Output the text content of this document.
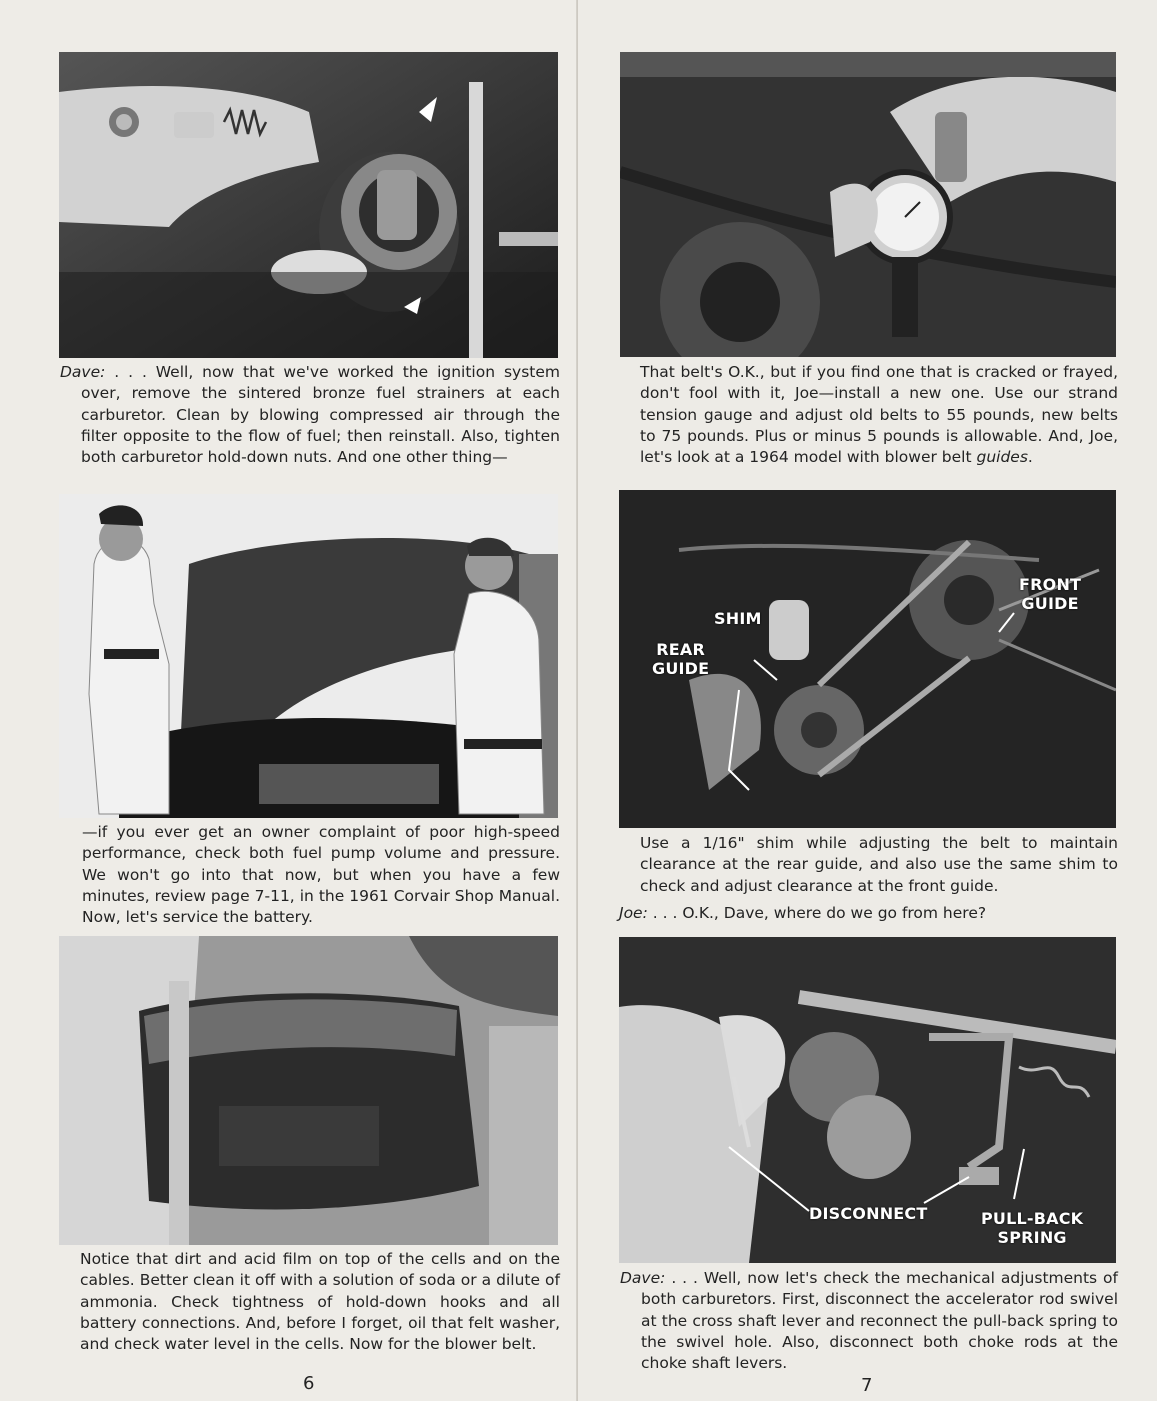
Dave: . . . Well, now that we've worked the ignition system over, remove the sintered bronze fuel strainers at each carburetor. Clean by blowing compressed air through the filter opposite to the flow of fuel; then reinstall. Also, tighten both carburetor hold-down nuts. And one other thing—
—if you ever get an owner complaint of poor high-speed performance, check both fuel pump volume and pressure. We won't go into that now, but when you have a few minutes, review page 7-11, in the 1961 Corvair Shop Manual. Now, let's service the battery.
Notice that dirt and acid film on top of the cells and on the cables. Better clean it off with a solution of soda or a dilute of ammonia. Check tightness of hold-down hooks and all battery connections. And, before I forget, oil that felt washer, and check water level in the cells. Now for the blower belt.
6
That belt's O.K., but if you find one that is cracked or frayed, don't fool with it, Joe—install a new one. Use our strand tension gauge and adjust old belts to 55 pounds, new belts to 75 pounds. Plus or minus 5 pounds is allowable. And, Joe, let's look at a 1964 model with blower belt guides.
FRONT
GUIDE
SHIM
REAR
GUIDE
Use a 1/16" shim while adjusting the belt to maintain clearance at the rear guide, and also use the same shim to check and adjust clearance at the front guide.
Joe: . . . O.K., Dave, where do we go from here?
DISCONNECT	PULL-BACK
SPRING
Dave: . . . Well, now let's check the mechanical adjustments of both carburetors. First, disconnect the accelerator rod swivel at the cross shaft lever and reconnect the pull-back spring to the swivel hole. Also, disconnect both choke rods at the choke shaft levers.
7
